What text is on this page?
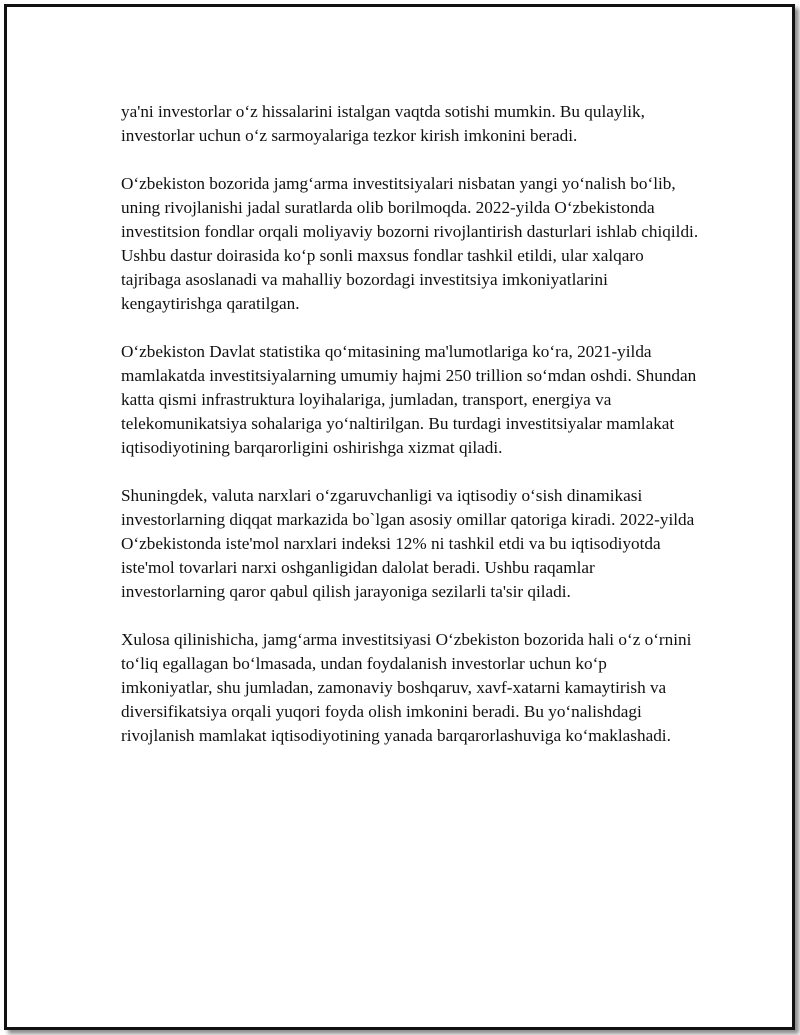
ya'ni investorlar o‘z hissalarini istalgan vaqtda sotishi mumkin. Bu qulaylik, investorlar uchun o‘z sarmoyalariga tezkor kirish imkonini beradi.

O‘zbekiston bozorida jamg‘arma investitsiyalari nisbatan yangi yo‘nalish bo‘lib, uning rivojlanishi jadal suratlarda olib borilmoqda. 2022-yilda O‘zbekistonda investitsion fondlar orqali moliyaviy bozorni rivojlantirish dasturlari ishlab chiqildi. Ushbu dastur doirasida ko‘p sonli maxsus fondlar tashkil etildi, ular xalqaro tajribaga asoslanadi va mahalliy bozordagi investitsiya imkoniyatlarini kengaytirishga qaratilgan.

O‘zbekiston Davlat statistika qo‘mitasining ma'lumotlariga ko‘ra, 2021-yilda mamlakatda investitsiyalarning umumiy hajmi 250 trillion so‘mdan oshdi. Shundan katta qismi infrastruktura loyihalariga, jumladan, transport, energiya va telekomunikatsiya sohalariga yo‘naltirilgan. Bu turdagi investitsiyalar mamlakat iqtisodiyotining barqarorligini oshirishga xizmat qiladi.

Shuningdek, valuta narxlari o‘zgaruvchanligi va iqtisodiy o‘sish dinamikasi investorlarning diqqat markazida bo`lgan asosiy omillar qatoriga kiradi. 2022-yilda O‘zbekistonda iste'mol narxlari indeksi 12% ni tashkil etdi va bu iqtisodiyotda iste'mol tovarlari narxi oshganligidan dalolat beradi. Ushbu raqamlar investorlarning qaror qabul qilish jarayoniga sezilarli ta'sir qiladi.

Xulosa qilinishicha, jamg‘arma investitsiyasi O‘zbekiston bozorida hali o‘z o‘rnini to‘liq egallagan bo‘lmasada, undan foydalanish investorlar uchun ko‘p imkoniyatlar, shu jumladan, zamonaviy boshqaruv, xavf-xatarni kamaytirish va diversifikatsiya orqali yuqori foyda olish imkonini beradi. Bu yo‘nalishdagi rivojlanish mamlakat iqtisodiyotining yanada barqarorlashuviga ko‘maklashadi.
